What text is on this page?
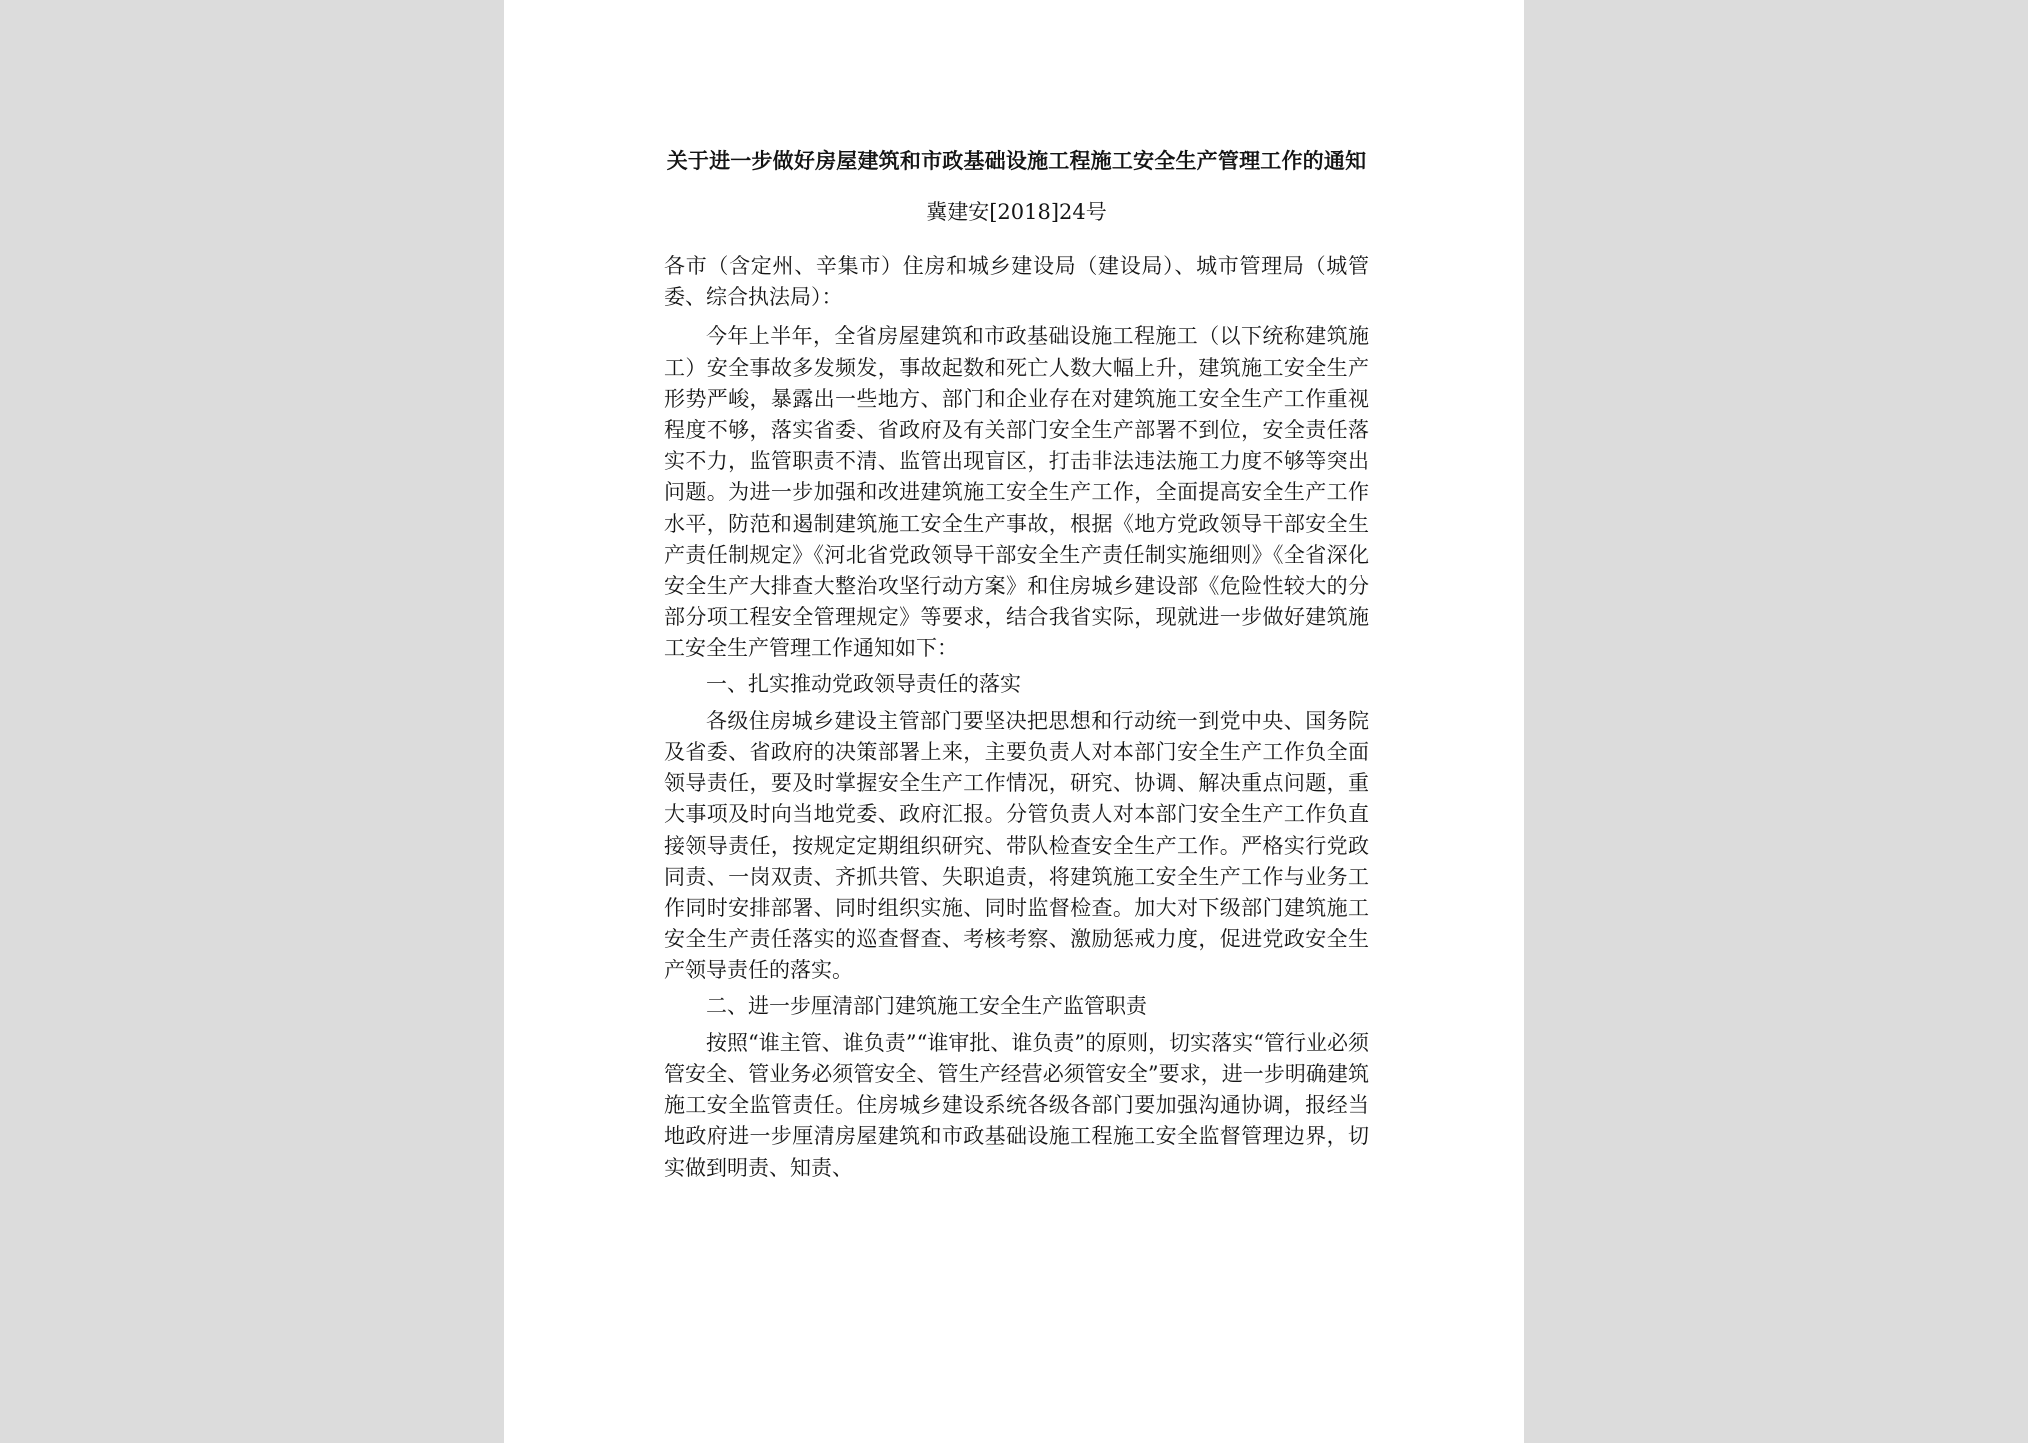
关于进一步做好房屋建筑和市政基础设施工程施工安全生产管理工作的通知
冀建安[2018]24号

各市（含定州、辛集市）住房和城乡建设局（建设局）、城市管理局（城管委、综合执法局）：

今年上半年，全省房屋建筑和市政基础设施工程施工（以下统称建筑施工）安全事故多发频发，事故起数和死亡人数大幅上升，建筑施工安全生产形势严峻，暴露出一些地方、部门和企业存在对建筑施工安全生产工作重视程度不够，落实省委、省政府及有关部门安全生产部署不到位，安全责任落实不力，监管职责不清、监管出现盲区，打击非法违法施工力度不够等突出问题。为进一步加强和改进建筑施工安全生产工作，全面提高安全生产工作水平，防范和遏制建筑施工安全生产事故，根据《地方党政领导干部安全生产责任制规定》《河北省党政领导干部安全生产责任制实施细则》《全省深化安全生产大排查大整治攻坚行动方案》和住房城乡建设部《危险性较大的分部分项工程安全管理规定》等要求，结合我省实际，现就进一步做好建筑施工安全生产管理工作通知如下：

一、扎实推动党政领导责任的落实

各级住房城乡建设主管部门要坚决把思想和行动统一到党中央、国务院及省委、省政府的决策部署上来，主要负责人对本部门安全生产工作负全面领导责任，要及时掌握安全生产工作情况，研究、协调、解决重点问题，重大事项及时向当地党委、政府汇报。分管负责人对本部门安全生产工作负直接领导责任，按规定定期组织研究、带队检查安全生产工作。严格实行党政同责、一岗双责、齐抓共管、失职追责，将建筑施工安全生产工作与业务工作同时安排部署、同时组织实施、同时监督检查。加大对下级部门建筑施工安全生产责任落实的巡查督查、考核考察、激励惩戒力度，促进党政安全生产领导责任的落实。

二、进一步厘清部门建筑施工安全生产监管职责

按照“谁主管、谁负责”“谁审批、谁负责”的原则，切实落实“管行业必须管安全、管业务必须管安全、管生产经营必须管安全”要求，进一步明确建筑施工安全监管责任。住房城乡建设系统各级各部门要加强沟通协调，报经当地政府进一步厘清房屋建筑和市政基础设施工程施工安全监督管理边界，切实做到明责、知责、
